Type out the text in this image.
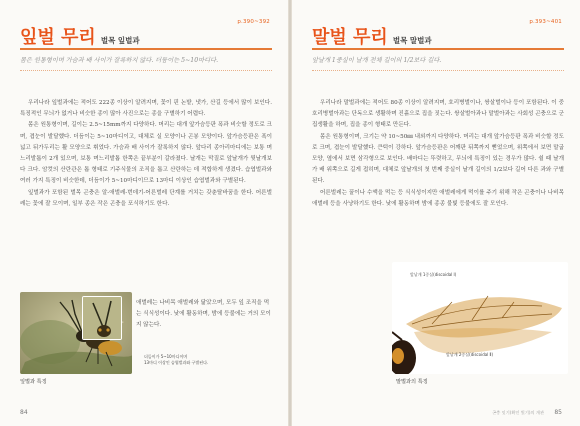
p.390~392
잎벌 무리 벌목 잎벌과
몸은 원통형이며 가슴과 배 사이가 잘록하지 않다. 더듬이는 5~10마디다.

우리나라 잎벌과에는 적어도 222종 이상이 알려지며, 꽃이 핀 논밭, 냇가, 산길 등에서 많이 보인다. 특징적인 무늬가 없거나 비슷한 종이 많아 사진으로는 종을 구별하기 어렵다.

몸은 원통형이며, 길이는 2.5~15mm까지 다양하다. 머리는 대개 앞가슴등판 폭과 비슷할 정도로 크며, 겹눈이 발달했다. 더듬이는 5~10마디이고, 대체로 실 모양이나 곤봉 모양이다. 앞가슴등판은 폭이 넓고 뒤가두리는 활 모양으로 휘었다. 가슴과 배 사이가 잘록하지 않다. 앞다리 종아리마디에는 보통 며느리발톱이 2개 있으며, 보통 며느리발톱 한쪽은 끝부분이 갈라졌다. 날개는 막질로 앞날개가 뒷날개보다 크다. 암컷의 산란관은 톱 형태로 기주식물의 조직을 톱고 산란하는 데 적합하게 생겼다. 습엽벌과와 여러 가지 특징이 비슷한데, 더듬이가 5~10마디이므로 13마디 이상인 습엽벌과와 구별된다.

잎벌과가 포함된 벌목 곤충은 알-애벌레-번데기-어른벌레 단계를 거치는 갖춘탈바꿈을 한다. 어른벌레는 꽃에 잘 모이며, 일부 종은 작은 곤충을 포식하기도 한다.

애벌레는 나비목 애벌레와 닮았으며, 모두 잎 조직을 먹는 식식성이다. 낮에 활동하며, 밤에 등불에는 거의 모이지 않는다.
더듬이가 5~10마디이며
13마디 이상인 습엽벌과와 구별된다.
잎벌과 특징
84
p.393~401
말벌 무리 벌목 말벌과
앞날개 1중실이 날개 전체 길이의 1/2보다 길다.

우리나라 말벌과에는 적어도 80종 이상이 알려지며, 호리병벌이나, 쌍살벌이나 등이 포함된다. 이 중 호리병벌아과는 단독으로 생활하며 진흙으로 집을 짓는다. 쌍살벌아과나 말벌아과는 사회성 곤충으로 군집생활을 하며, 집을 종이 형태로 만든다.

몸은 원통형이며, 크기는 약 10~50㎜ 내외까지 다양하다. 머리는 대개 앞가슴등판 폭과 비슷할 정도로 크며, 겹눈이 발달했다. 큰턱이 강하다. 앞가슴등판은 어깨판 뒤쪽까지 뻗었으며, 위쪽에서 보면 말굽 모양, 옆에서 보면 삼각형으로 보인다. 배마디는 뚜렷하고, 무늬에 특징이 있는 경우가 많다. 쉴 때 날개가 배 위쪽으로 길게 접히며, 대체로 앞날개의 첫 번째 중실이 날개 길이의 1/2보다 길어 다른 과와 구별된다.

어른벌레는 꿀이나 수액을 먹는 등 식식성이지만 애벌레에게 먹이를 주기 위해 작은 곤충이나 나비목 애벌레 등을 사냥하기도 한다. 낮에 활동하며 밤에 종종 불빛 등불에도 잘 모인다.

앞날개 1중실(discoidal Ⅰ)
앞날개 2중실(discoidal Ⅱ)
말벌과의 특징
곤충 잇기(확인 빛기)의 개관 85
